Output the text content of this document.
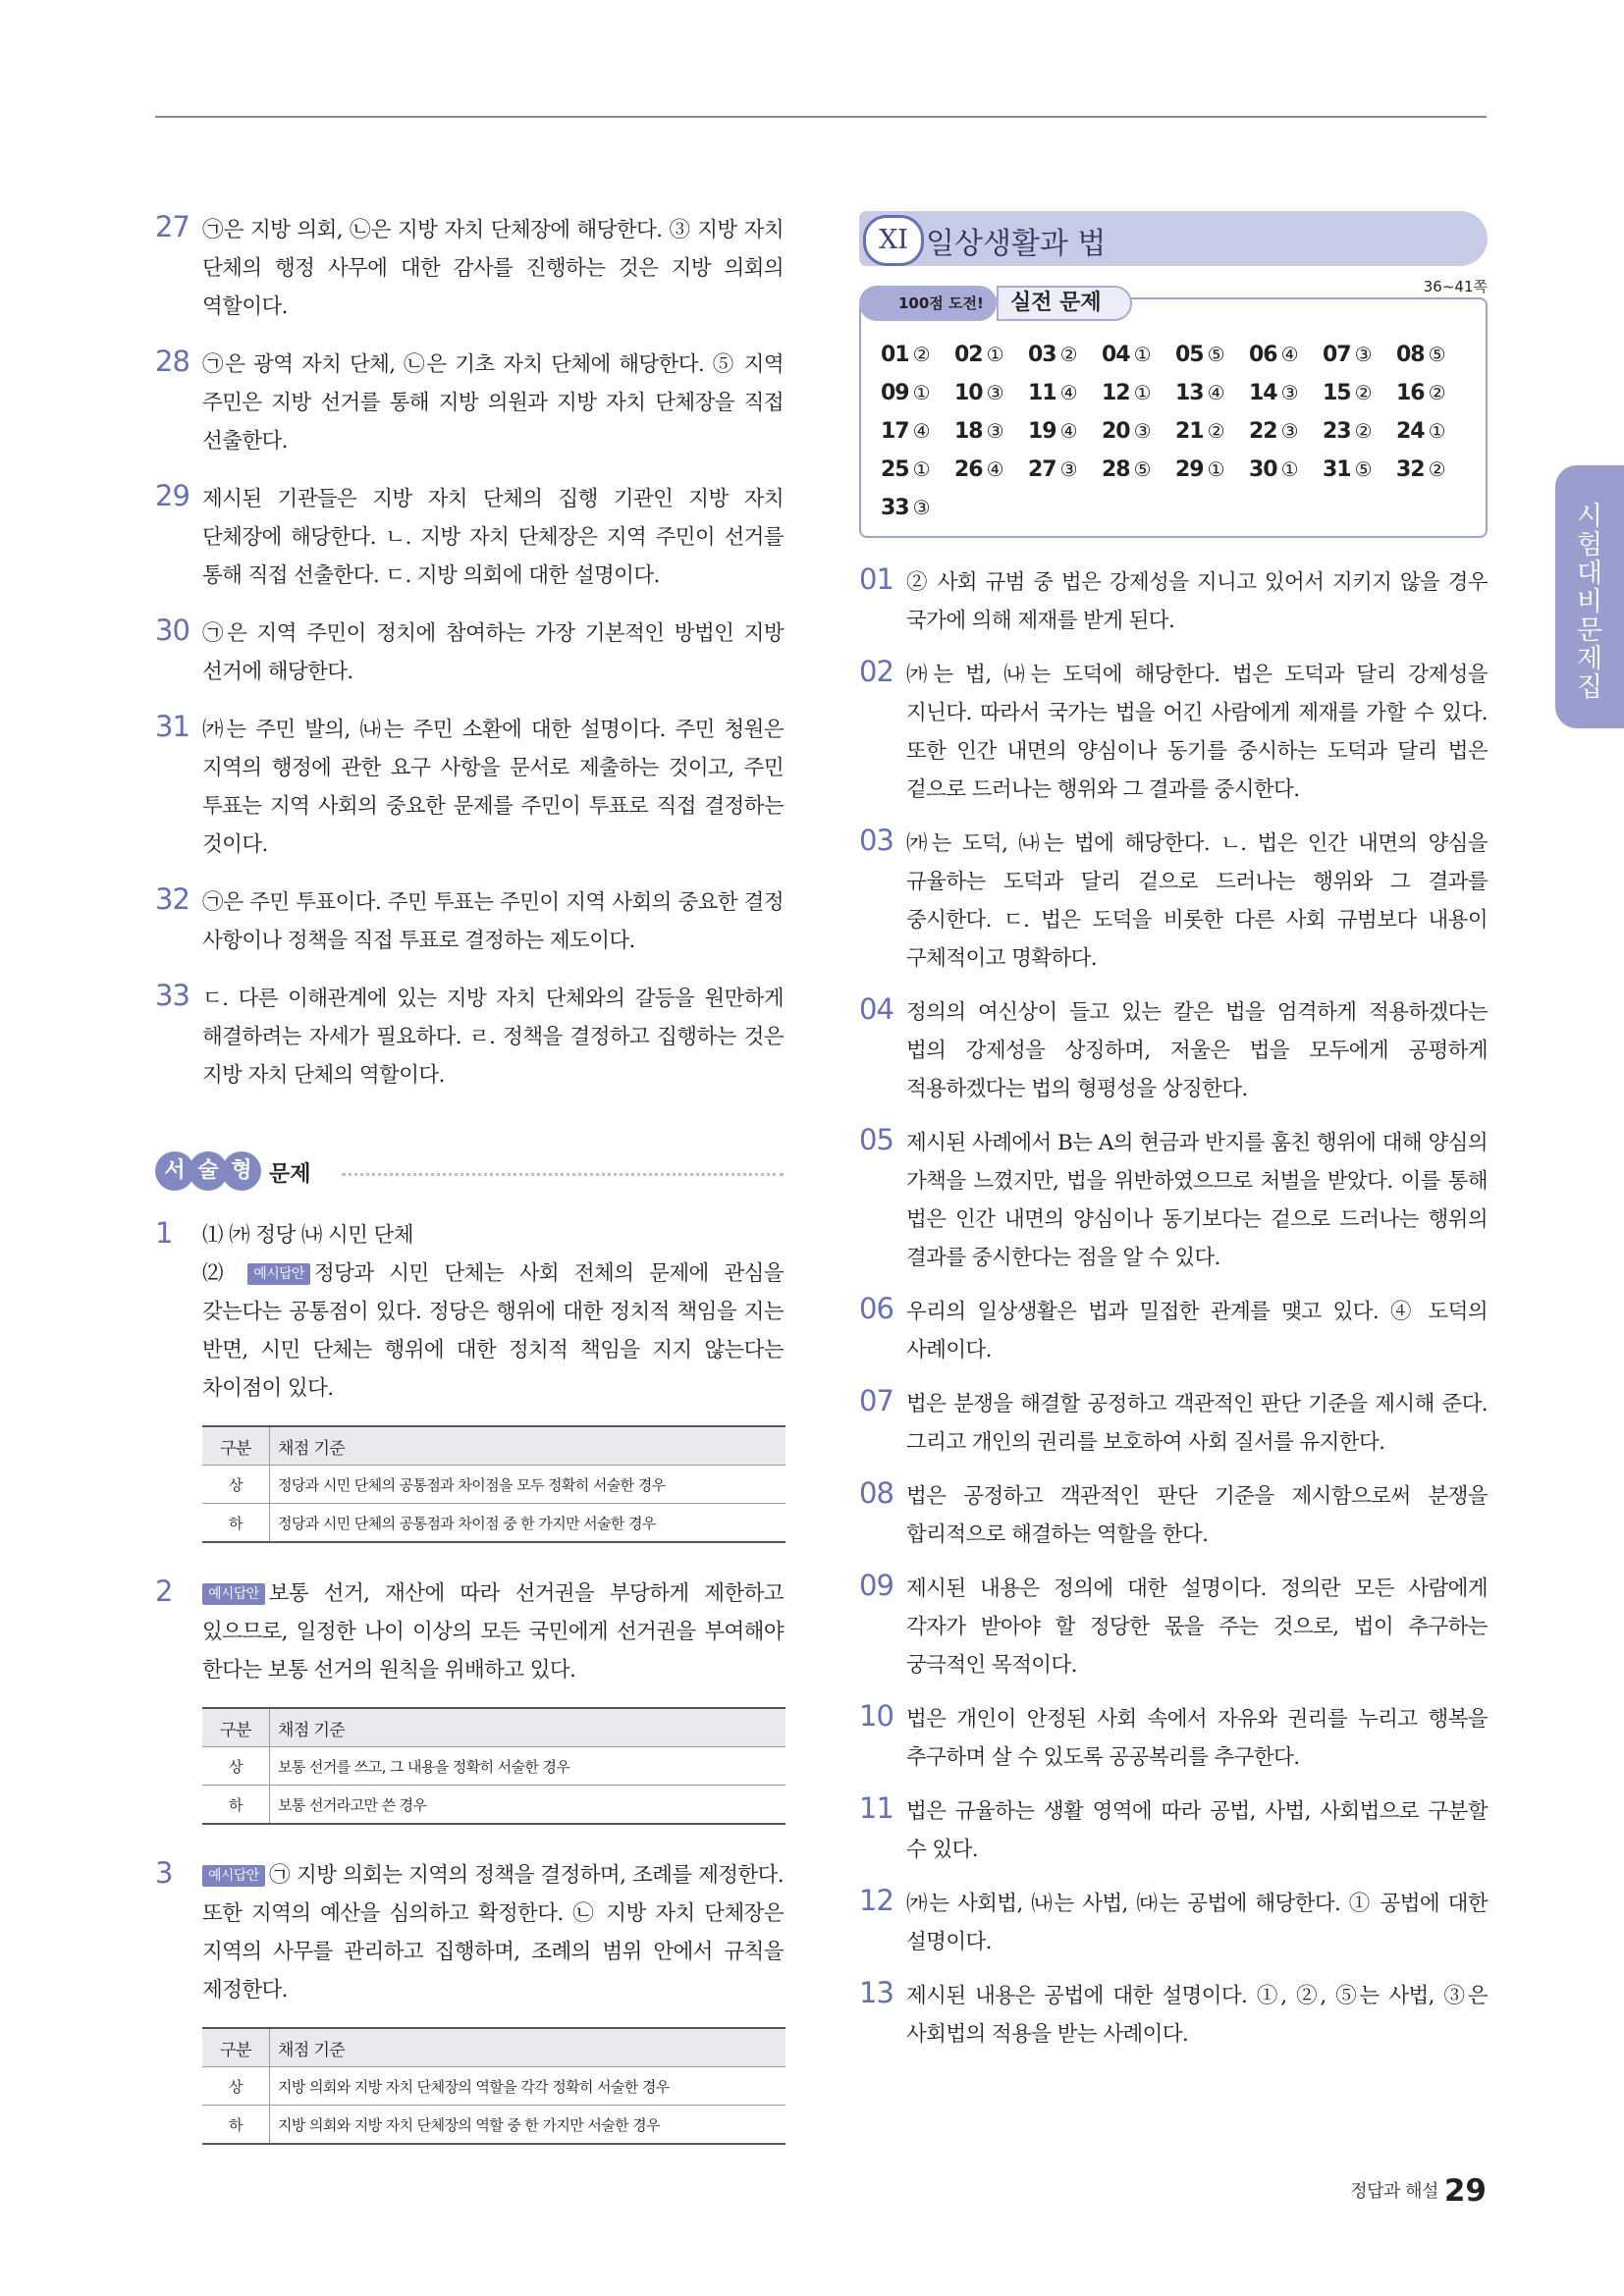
27 ㉠은 지방 의회, ㉡은 지방 자치 단체장에 해당한다. ③ 지방 자치 단체의 행정 사무에 대한 감사를 진행하는 것은 지방 의회의 역할이다.
28 ㉠은 광역 자치 단체, ㉡은 기초 자치 단체에 해당한다. ⑤ 지역 주민은 지방 선거를 통해 지방 의원과 지방 자치 단체장을 직접 선출한다.
29 제시된 기관들은 지방 자치 단체의 집행 기관인 지방 자치 단체장에 해당한다. ㄴ. 지방 자치 단체장은 지역 주민이 선거를 통해 직접 선출한다. ㄷ. 지방 의회에 대한 설명이다.
30 ㉠은 지역 주민이 정치에 참여하는 가장 기본적인 방법인 지방 선거에 해당한다.
31 ㈎는 주민 발의, ㈏는 주민 소환에 대한 설명이다. 주민 청원은 지역의 행정에 관한 요구 사항을 문서로 제출하는 것이고, 주민 투표는 지역 사회의 중요한 문제를 주민이 투표로 직접 결정하는 것이다.
32 ㉠은 주민 투표이다. 주민 투표는 주민이 지역 사회의 중요한 결정 사항이나 정책을 직접 투표로 결정하는 제도이다.
33 ㄷ. 다른 이해관계에 있는 지방 자치 단체와의 갈등을 원만하게 해결하려는 자세가 필요하다. ㄹ. 정책을 결정하고 집행하는 것은 지방 자치 단체의 역할이다.
서 술 형 문제
1 ⑴ ㈎ 정당 ㈏ 시민 단체
⑵ 예시답안 정당과 시민 단체는 사회 전체의 문제에 관심을 갖는다는 공통점이 있다. 정당은 행위에 대한 정치적 책임을 지는 반면, 시민 단체는 행위에 대한 정치적 책임을 지지 않는다는 차이점이 있다.
구분	채점 기준
상	정당과 시민 단체의 공통점과 차이점을 모두 정확히 서술한 경우
하	정당과 시민 단체의 공통점과 차이점 중 한 가지만 서술한 경우
2	예시답안 보통 선거, 재산에 따라 선거권을 부당하게 제한하고 있으므로, 일정한 나이 이상의 모든 국민에게 선거권을 부여해야 한다는 보통 선거의 원칙을 위배하고 있다.
구분	채점 기준
상	보통 선거를 쓰고, 그 내용을 정확히 서술한 경우
하	보통 선거라고만 쓴 경우
3	예시답안 ㉠ 지방 의회는 지역의 정책을 결정하며, 조례를 제정한다. 또한 지역의 예산을 심의하고 확정한다. ㉡ 지방 자치 단체장은 지역의 사무를 관리하고 집행하며, 조례의 범위 안에서 규칙을 제정한다.
구분	채점 기준
상	지방 의회와 지방 자치 단체장의 역할을 각각 정확히 서술한 경우
하	지방 의회와 지방 자치 단체장의 역할 중 한 가지만 서술한 경우
XI 일상생활과 법
36~41쪽
100점 도전!	실전 문제
01 ②	02 ①	03 ②	04 ①	05 ⑤	06 ④	07 ③	08 ⑤
09 ①	10 ③	11 ④	12 ①	13 ④	14 ③	15 ②	16 ②
17 ④	18 ③	19 ④	20 ③	21 ②	22 ③	23 ②	24 ①
25 ①	26 ④	27 ③	28 ⑤	29 ①	30 ①	31 ⑤	32 ②
33 ③
01 ② 사회 규범 중 법은 강제성을 지니고 있어서 지키지 않을 경우 국가에 의해 제재를 받게 된다.
02 ㈎는 법, ㈏는 도덕에 해당한다. 법은 도덕과 달리 강제성을 지닌다. 따라서 국가는 법을 어긴 사람에게 제재를 가할 수 있다. 또한 인간 내면의 양심이나 동기를 중시하는 도덕과 달리 법은 겉으로 드러나는 행위와 그 결과를 중시한다.
03 ㈎는 도덕, ㈏는 법에 해당한다. ㄴ. 법은 인간 내면의 양심을 규율하는 도덕과 달리 겉으로 드러나는 행위와 그 결과를 중시한다. ㄷ. 법은 도덕을 비롯한 다른 사회 규범보다 내용이 구체적이고 명확하다.
04 정의의 여신상이 들고 있는 칼은 법을 엄격하게 적용하겠다는 법의 강제성을 상징하며, 저울은 법을 모두에게 공평하게 적용하겠다는 법의 형평성을 상징한다.
05 제시된 사례에서 B는 A의 현금과 반지를 훔친 행위에 대해 양심의 가책을 느꼈지만, 법을 위반하였으므로 처벌을 받았다. 이를 통해 법은 인간 내면의 양심이나 동기보다는 겉으로 드러나는 행위의 결과를 중시한다는 점을 알 수 있다.
06 우리의 일상생활은 법과 밀접한 관계를 맺고 있다. ④ 도덕의 사례이다.
07 법은 분쟁을 해결할 공정하고 객관적인 판단 기준을 제시해 준다. 그리고 개인의 권리를 보호하여 사회 질서를 유지한다.
08 법은 공정하고 객관적인 판단 기준을 제시함으로써 분쟁을 합리적으로 해결하는 역할을 한다.
09 제시된 내용은 정의에 대한 설명이다. 정의란 모든 사람에게 각자가 받아야 할 정당한 몫을 주는 것으로, 법이 추구하는 궁극적인 목적이다.
10 법은 개인이 안정된 사회 속에서 자유와 권리를 누리고 행복을 추구하며 살 수 있도록 공공복리를 추구한다.
11 법은 규율하는 생활 영역에 따라 공법, 사법, 사회법으로 구분할 수 있다.
12 ㈎는 사회법, ㈏는 사법, ㈐는 공법에 해당한다. ① 공법에 대한 설명이다.
13 제시된 내용은 공법에 대한 설명이다. ①, ②, ⑤는 사법, ③은 사회법의 적용을 받는 사례이다.
시험대비문제집
정답과 해설 29
